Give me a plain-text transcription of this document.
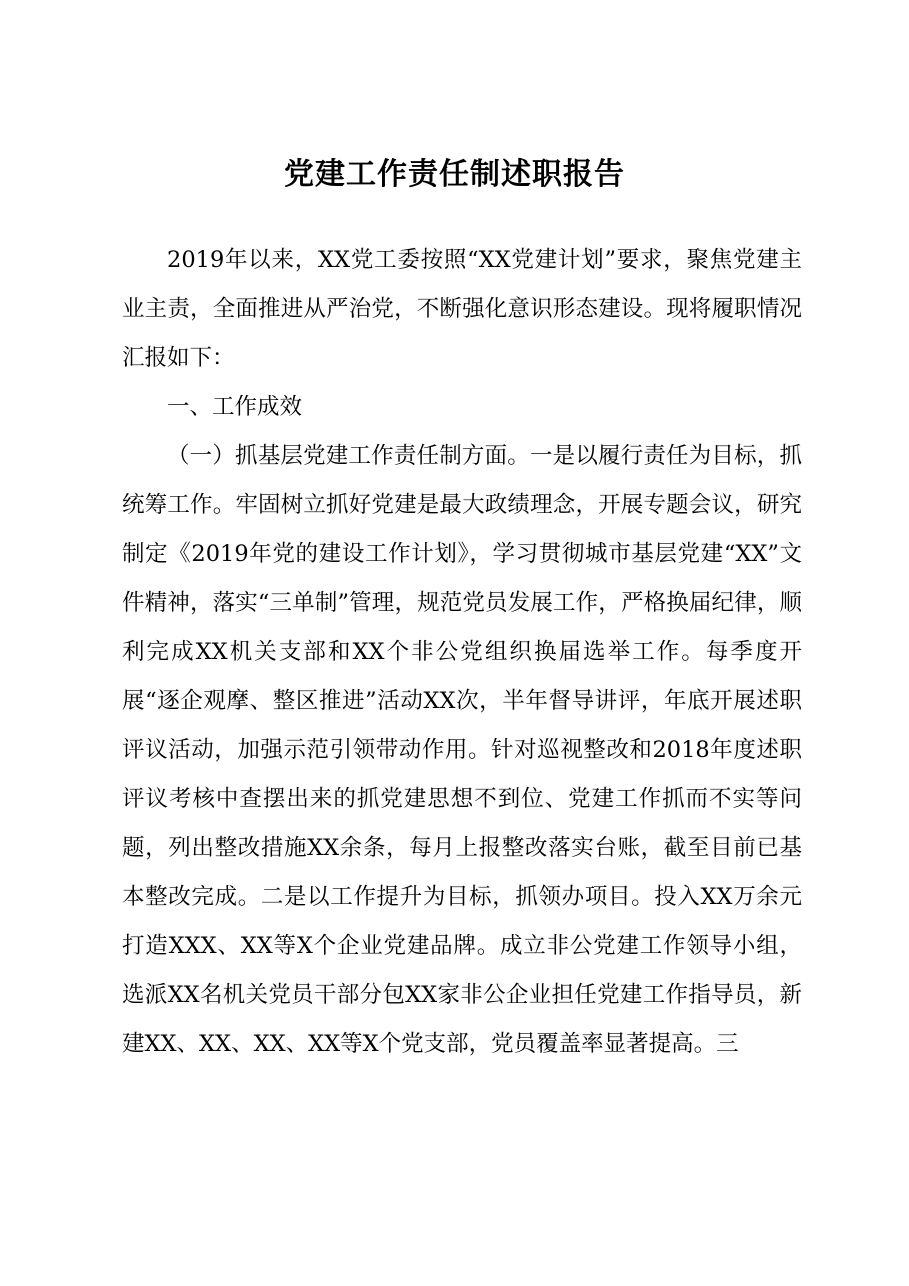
党建工作责任制述职报告

2019年以来，XX党工委按照“XX党建计划”要求，聚焦党建主业主责，全面推进从严治党，不断强化意识形态建设。现将履职情况汇报如下：

一、工作成效

（一）抓基层党建工作责任制方面。一是以履行责任为目标，抓统筹工作。牢固树立抓好党建是最大政绩理念，开展专题会议，研究制定《2019年党的建设工作计划》，学习贯彻城市基层党建“XX”文件精神，落实“三单制”管理，规范党员发展工作，严格换届纪律，顺利完成XX机关支部和XX个非公党组织换届选举工作。每季度开展“逐企观摩、整区推进”活动XX次，半年督导讲评，年底开展述职评议活动，加强示范引领带动作用。针对巡视整改和2018年度述职评议考核中查摆出来的抓党建思想不到位、党建工作抓而不实等问题，列出整改措施XX余条，每月上报整改落实台账，截至目前已基本整改完成。二是以工作提升为目标，抓领办项目。投入XX万余元打造XXX、XX等X个企业党建品牌。成立非公党建工作领导小组，选派XX名机关党员干部分包XX家非公企业担任党建工作指导员，新建XX、XX、XX、XX等X个党支部，党员覆盖率显著提高。三
